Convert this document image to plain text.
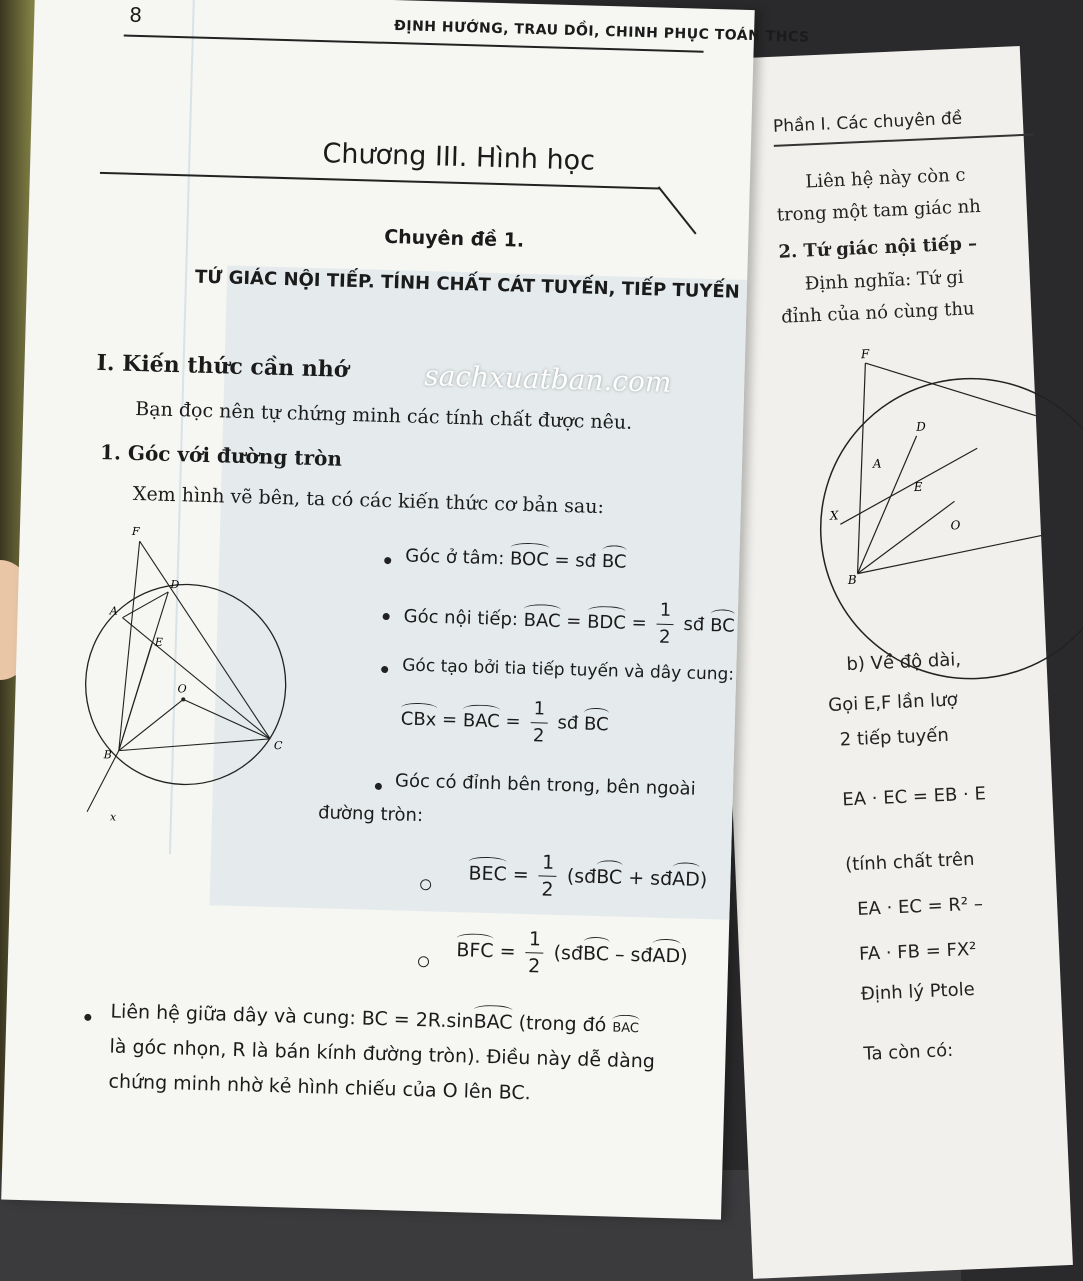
Phần I. Các chuyên đề
Liên hệ này còn c
trong một tam giác nh
2. Tứ giác nội tiếp –
Định nghĩa: Tứ gi
đỉnh của nó cùng thu
F
D
A
E
X
O
B
b) Về độ dài,
Gọi E,F lần lượ
2 tiếp tuyến
EA · EC = EB · E
(tính chất trên
EA · EC = R² –
FA · FB = FX²
Định lý Ptole
Ta còn có:
8
ĐỊNH HƯỚNG, TRAU DỒI, CHINH PHỤC TOÁN THCS
Chương III. Hình học
Chuyên đề 1.
TỨ GIÁC NỘI TIẾP. TÍNH CHẤT CÁT TUYẾN, TIẾP TUYẾN
I. Kiến thức cần nhớ	sachxuatban.com
Bạn đọc nên tự chứng minh các tính chất được nêu.
1. Góc với đường tròn
Xem hình vẽ bên, ta có các kiến thức cơ bản sau:
F
D
A
E
O
B
C
x
Góc ở tâm: BOC = sđ BC
Góc nội tiếp: BAC = BDC = $\frac{1}{2}$ sđ BC
Góc tạo bởi tia tiếp tuyến và dây cung:
CBx = BAC = $\frac{1}{2}$ sđ BC
Góc có đỉnh bên trong, bên ngoài
đường tròn:
BEC = $\frac{1}{2}$ (sđBC + sđAD)
BFC = $\frac{1}{2}$ (sđBC – sđAD)
Liên hệ giữa dây và cung: BC = 2R.sinBAC (trong đó BAC
là góc nhọn, R là bán kính đường tròn). Điều này dễ dàng
chứng minh nhờ kẻ hình chiếu của O lên BC.
